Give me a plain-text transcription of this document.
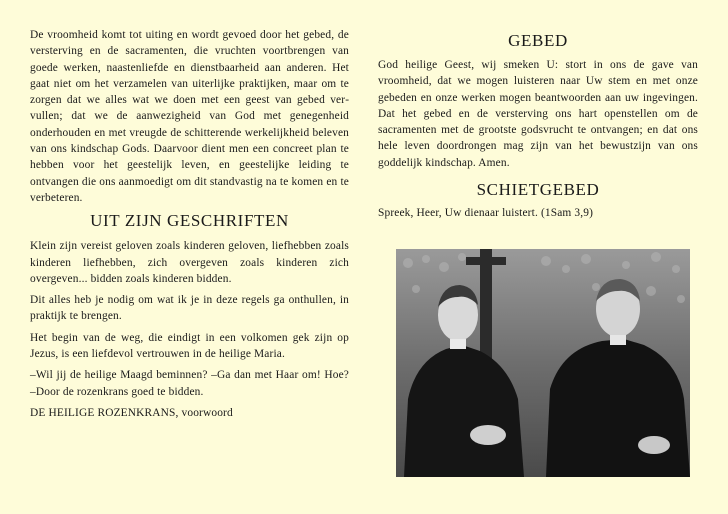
De vroomheid komt tot uiting en wordt gevoed door het gebed, de versterving en de sacramenten, die vruchten voortbrengen van goede werken, naastenliefde en dienstbaarheid aan anderen. Het gaat niet om het verzamelen van uiterlijke praktijken, maar om te zorgen dat we alles wat we doen met een geest van gebed vervullen; dat we de aanwezigheid van God met genegenheid onderhouden en met vreugde de schitterende werkelijkheid beleven van ons kindschap Gods. Daarvoor dient men een concreet plan te hebben voor het geestelijk leven, en geestelijke leiding te ontvangen die ons aanmoedigt om dit standvastig na te komen en te verbeteren.

UIT ZIJN GESCHRIFTEN

Klein zijn vereist geloven zoals kinderen geloven, liefhebben zoals kinderen liefhebben, zich overgeven zoals kinderen zich overgeven... bidden zoals kinderen bidden.

Dit alles heb je nodig om wat ik je in deze regels ga onthullen, in praktijk te brengen.

Het begin van de weg, die eindigt in een volkomen gek zijn op Jezus, is een liefdevol vertrouwen in de heilige Maria.

–Wil jij de heilige Maagd beminnen? –Ga dan met Haar om! Hoe? –Door de rozenkrans goed te bidden.

DE HEILIGE ROZENKRANS, voorwoord

GEBED

God heilige Geest, wij smeken U: stort in ons de gave van vroomheid, dat we mogen luisteren naar Uw stem en met onze gebeden en onze werken mogen beantwoorden aan uw ingevingen. Dat het gebed en de versterving ons hart openstellen om de sacramenten met de grootste godsvrucht te ontvangen; en dat ons hele leven doordrongen mag zijn van het bewustzijn van ons goddelijk kindschap. Amen.

SCHIETGEBED

Spreek, Heer, Uw dienaar luistert. (1Sam 3,9)
